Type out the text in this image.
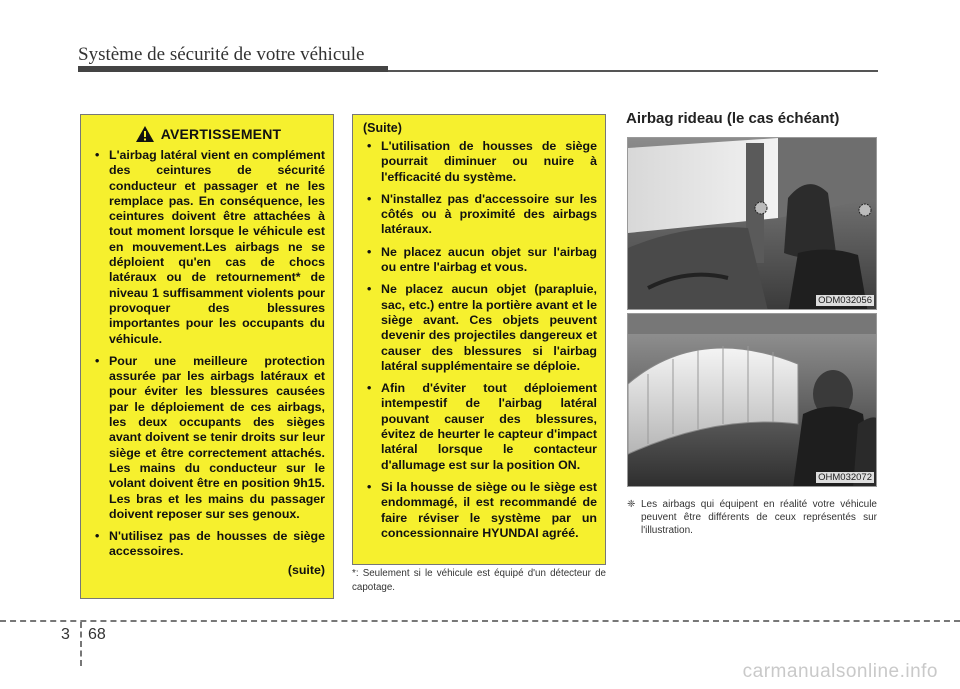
Système de sécurité de votre véhicule
AVERTISSEMENT
• L'airbag latéral vient en complément des ceintures de sécurité conducteur et passager et ne les remplace pas. En conséquence, les ceintures doivent être attachées à tout moment lorsque le véhicule est en mouvement.Les airbags ne se déploient qu'en cas de chocs latéraux ou de retournement* de niveau 1 suffisamment violents pour provoquer des blessures importantes pour les occupants du véhicule.
• Pour une meilleure protection assurée par les airbags latéraux et pour éviter les blessures causées par le déploiement de ces airbags, les deux occupants des sièges avant doivent se tenir droits sur leur siège et être correctement attachés. Les mains du conducteur sur le volant doivent être en position 9h15. Les bras et les mains du passager doivent reposer sur ses genoux.
• N'utilisez pas de housses de siège accessoires.
(suite)
(Suite)
• L'utilisation de housses de siège pourrait diminuer ou nuire à l'efficacité du système.
• N'installez pas d'accessoire sur les côtés ou à proximité des airbags latéraux.
• Ne placez aucun objet sur l'airbag ou entre l'airbag et vous.
• Ne placez aucun objet (parapluie, sac, etc.) entre la portière avant et le siège avant. Ces objets peuvent devenir des projectiles dangereux et causer des blessures si l'airbag latéral supplémentaire se déploie.
• Afin d'éviter tout déploiement intempestif de l'airbag latéral pouvant causer des blessures, évitez de heurter le capteur d'impact latéral lorsque le contacteur d'allumage est sur la position ON.
• Si la housse de siège ou le siège est endommagé, il est recommandé de faire réviser le système par un concessionnaire HYUNDAI agréé.
*: Seulement si le véhicule est équipé d'un détecteur de capotage.
Airbag rideau (le cas échéant)
ODM032056
OHM032072
❈ Les airbags qui équipent en réalité votre véhicule peuvent être différents de ceux représentés sur l'illustration.
3 68
carmanualsonline.info
